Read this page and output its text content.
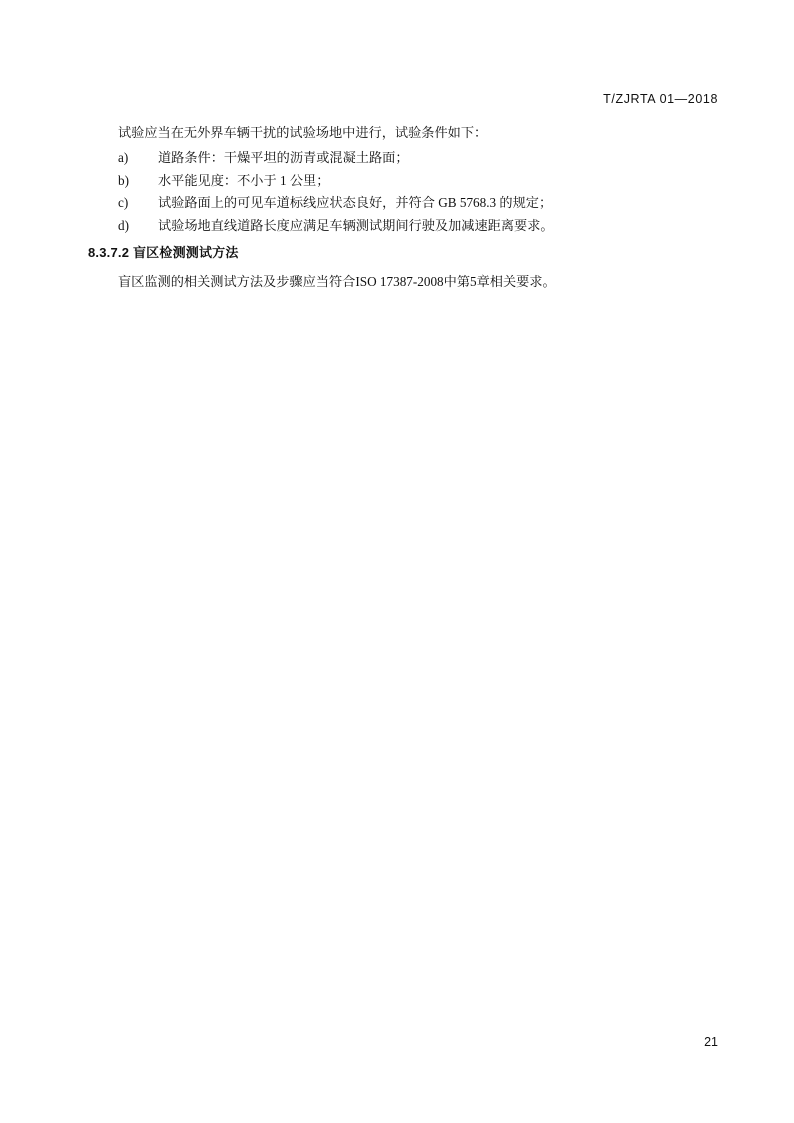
T/ZJRTA 01—2018

试验应当在无外界车辆干扰的试验场地中进行，试验条件如下：

a)	道路条件：干燥平坦的沥青或混凝土路面；
b)	水平能见度：不小于 1 公里；
c)	试验路面上的可见车道标线应状态良好，并符合 GB 5768.3 的规定；
d)	试验场地直线道路长度应满足车辆测试期间行驶及加减速距离要求。
8.3.7.2 盲区检测测试方法
盲区监测的相关测试方法及步骤应当符合ISO 17387-2008中第5章相关要求。
21
